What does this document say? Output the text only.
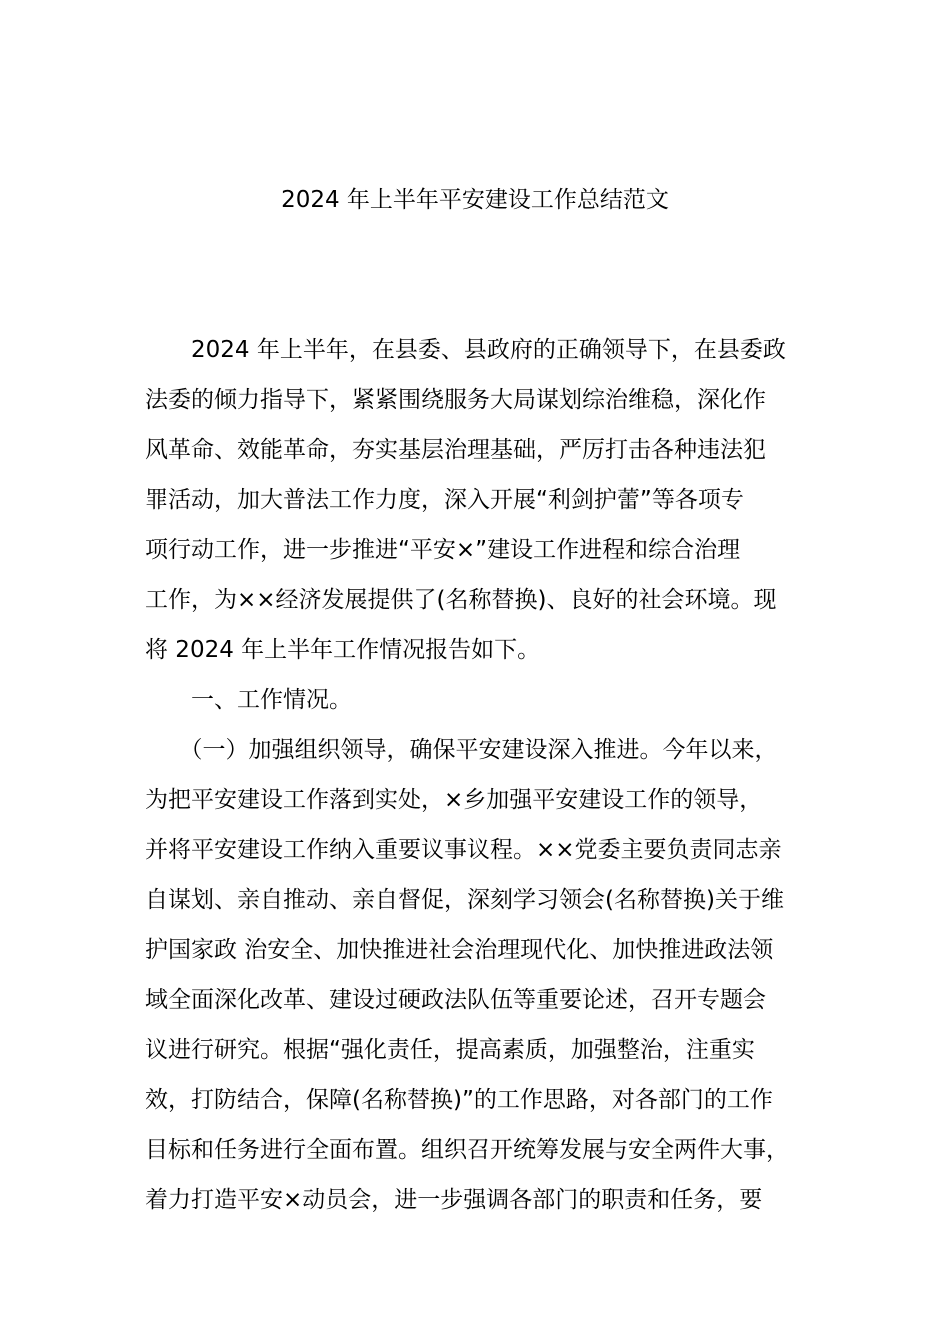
2024 年上半年平安建设工作总结范文
　　2024 年上半年，在县委、县政府的正确领导下，在县委政
法委的倾力指导下，紧紧围绕服务大局谋划综治维稳，深化作
风革命、效能革命，夯实基层治理基础，严厉打击各种违法犯
罪活动，加大普法工作力度，深入开展“利剑护蕾”等各项专
项行动工作，进一步推进“平安×”建设工作进程和综合治理
工作，为××经济发展提供了(名称替换)、良好的社会环境。现
将 2024 年上半年工作情况报告如下。
　　一、工作情况。
　　（一）加强组织领导，确保平安建设深入推进。今年以来，
为把平安建设工作落到实处，×乡加强平安建设工作的领导，
并将平安建设工作纳入重要议事议程。××党委主要负责同志亲
自谋划、亲自推动、亲自督促，深刻学习领会(名称替换)关于维
护国家政 治安全、加快推进社会治理现代化、加快推进政法领
域全面深化改革、建设过硬政法队伍等重要论述，召开专题会
议进行研究。根据“强化责任，提高素质，加强整治，注重实
效，打防结合，保障(名称替换)”的工作思路，对各部门的工作
目标和任务进行全面布置。组织召开统筹发展与安全两件大事，
着力打造平安×动员会，进一步强调各部门的职责和任务，要
